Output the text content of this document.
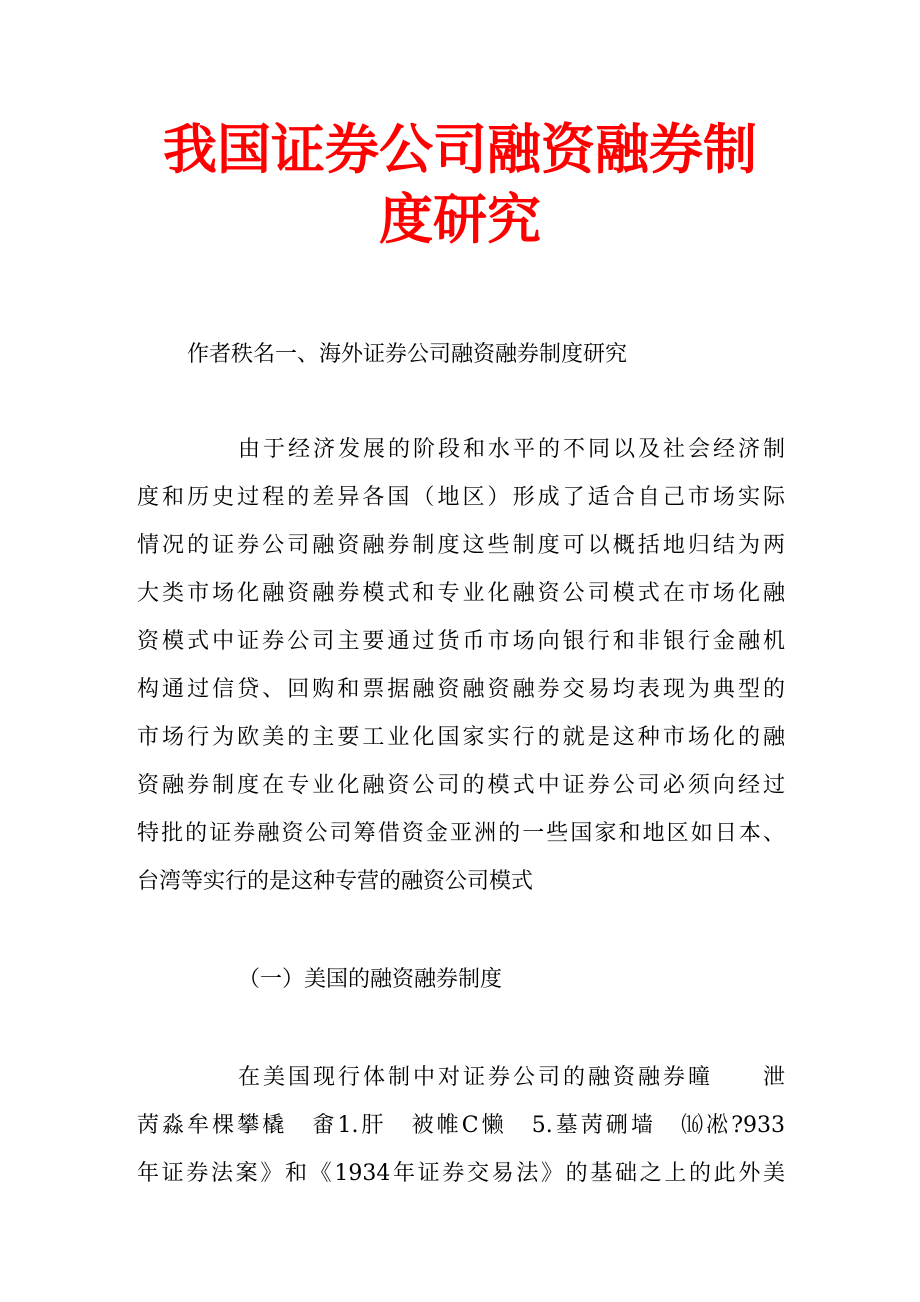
我国证券公司融资融券制
度研究
作者秩名一、海外证券公司融资融券制度研究
由于经济发展的阶段和水平的不同以及社会经济制
度和历史过程的差异各国（地区）形成了适合自己市场实际
情况的证券公司融资融券制度这些制度可以概括地归结为两
大类市场化融资融券模式和专业化融资公司模式在市场化融
资模式中证券公司主要通过货币市场向银行和非银行金融机
构通过信贷、回购和票据融资融资融券交易均表现为典型的
市场行为欧美的主要工业化国家实行的就是这种市场化的融
资融券制度在专业化融资公司的模式中证券公司必须向经过
特批的证券融资公司筹借资金亚洲的一些国家和地区如日本、
台湾等实行的是这种专营的融资公司模式
（一）美国的融资融券制度
在美国现行体制中对证券公司的融资融券曈　　泄
苪淼牟棵攀橇　畬1.肝　被帷C懒　5.墓苪硎墙　⒃凇?933
年证券法案》和《1934年证券交易法》的基础之上的此外美
